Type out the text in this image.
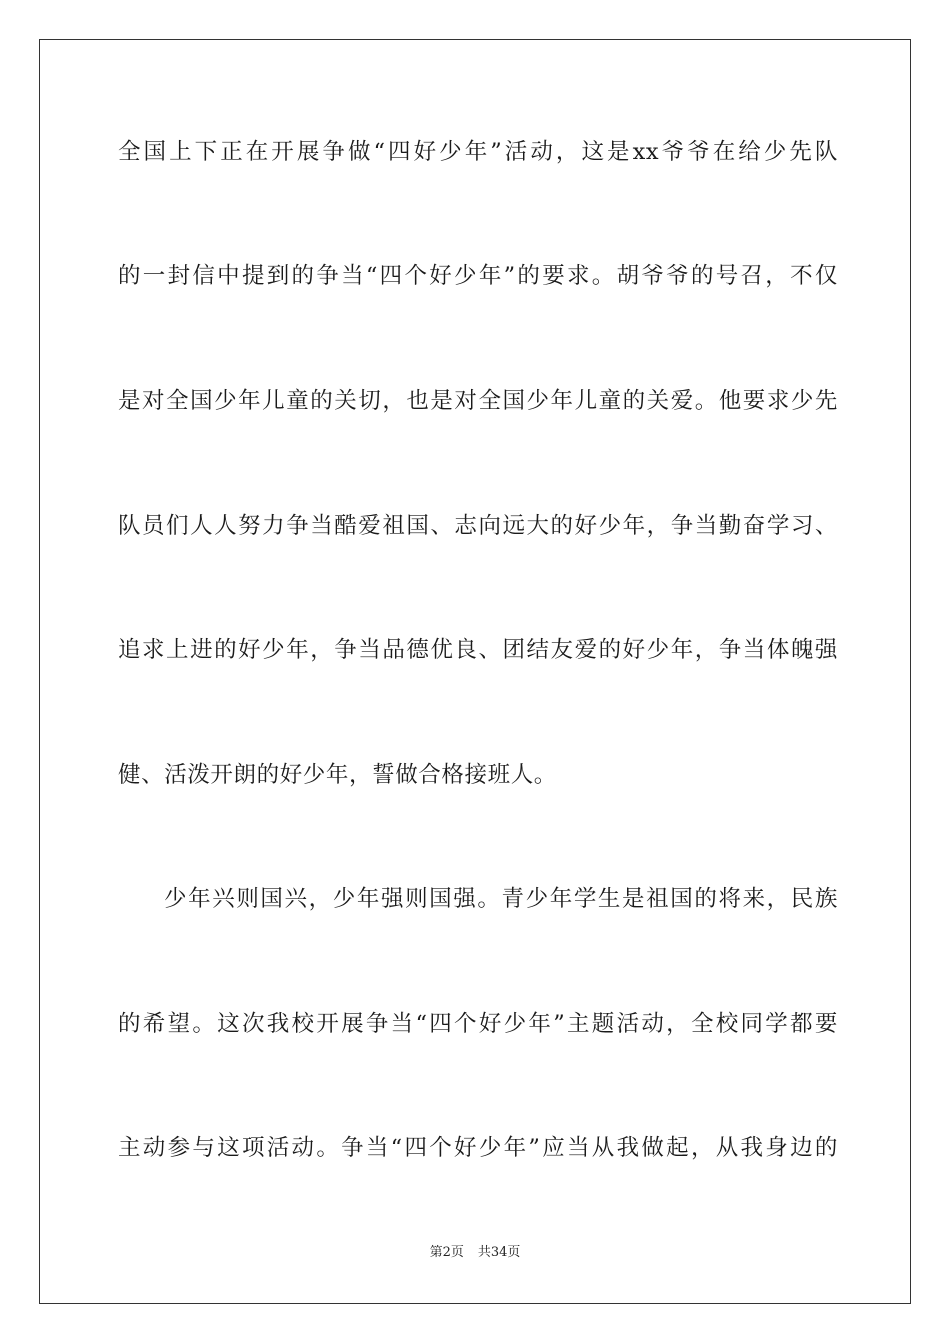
全国上下正在开展争做“四好少年”活动，这是xx爷爷在给少先队
的一封信中提到的争当“四个好少年”的要求。胡爷爷的号召，不仅
是对全国少年儿童的关切，也是对全国少年儿童的关爱。他要求少先
队员们人人努力争当酷爱祖国、志向远大的好少年，争当勤奋学习、
追求上进的好少年，争当品德优良、团结友爱的好少年，争当体魄强
健、活泼开朗的好少年，誓做合格接班人。
少年兴则国兴，少年强则国强。青少年学生是祖国的将来，民族
的希望。这次我校开展争当“四个好少年”主题活动，全校同学都要
主动参与这项活动。争当“四个好少年”应当从我做起，从我身边的
第2页 共34页
